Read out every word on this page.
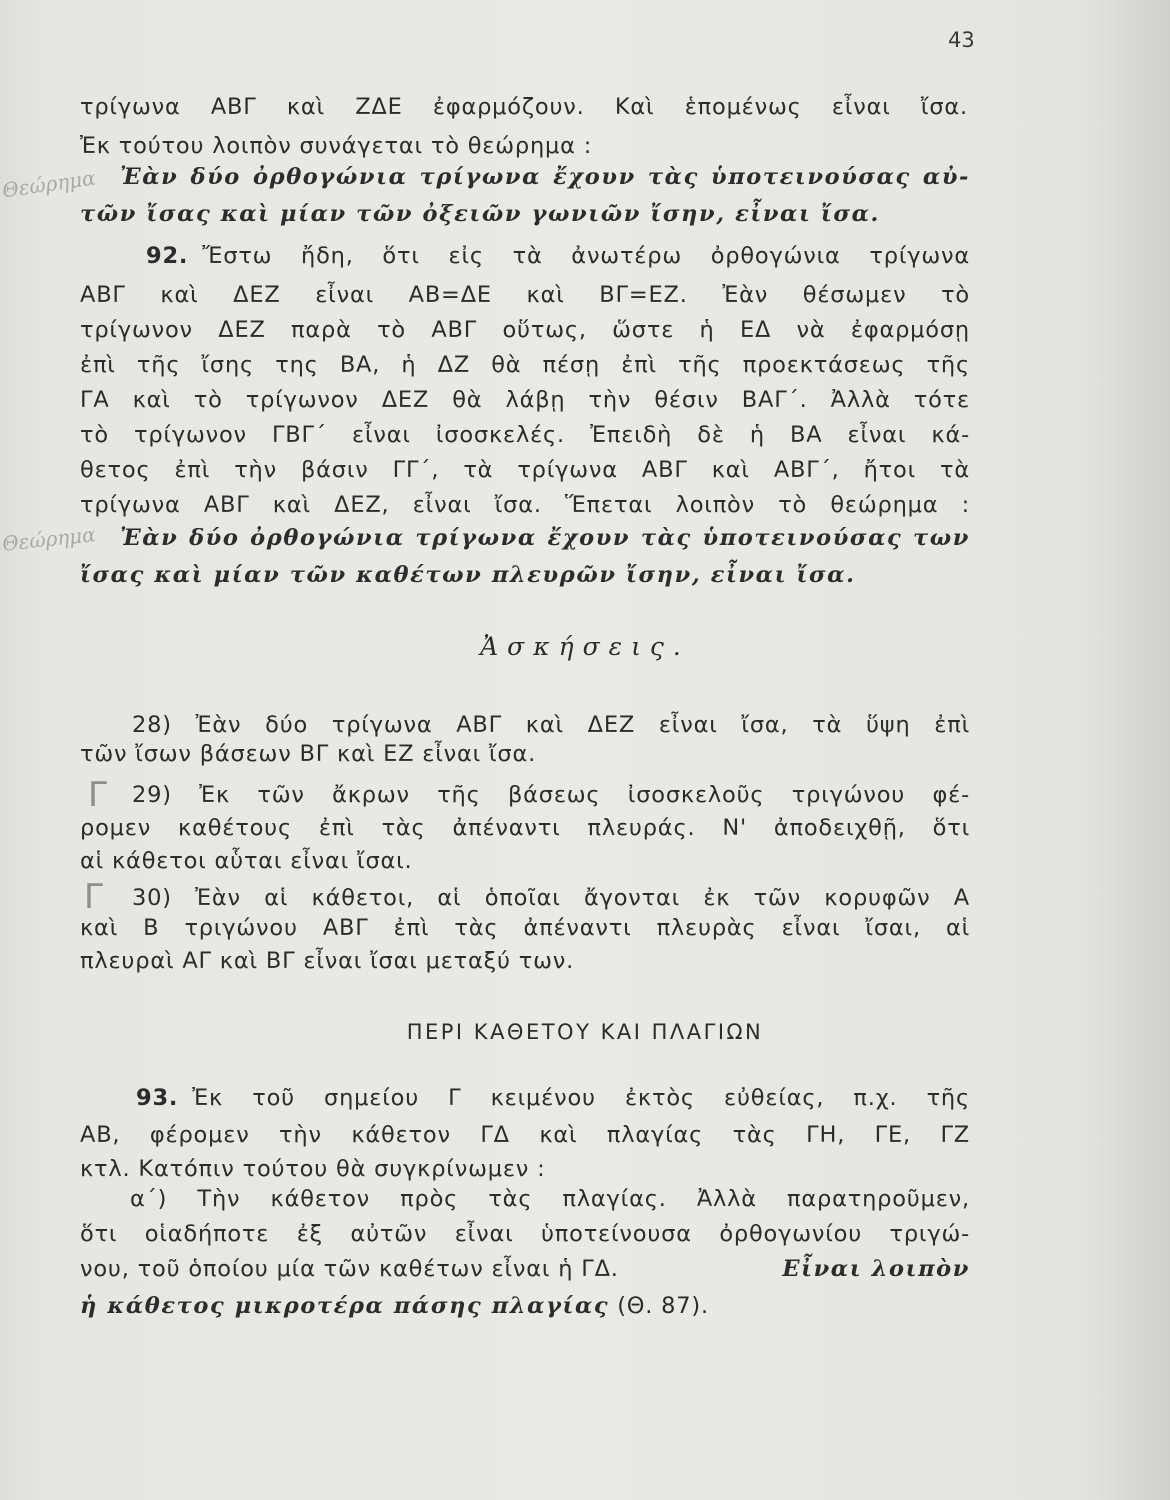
43
Θεώρημα
Θεώρημα
Γ
Γ
τρίγωνα ΑΒΓ καὶ ΖΔΕ ἐφαρμόζουν. Καὶ ἑπομένως εἶναι ἴσα.
Ἐκ τούτου λοιπὸν συνάγεται τὸ θεώρημα :
Ἐὰν δύο ὀρθογώνια τρίγωνα ἔχουν τὰς ὑποτεινούσας αὐ-
τῶν ἴσας καὶ μίαν τῶν ὀξειῶν γωνιῶν ἴσην, εἶναι ἴσα.
92. Ἔστω ἤδη, ὅτι εἰς τὰ ἀνωτέρω ὀρθογώνια τρίγωνα
ΑΒΓ καὶ ΔΕΖ εἶναι ΑΒ=ΔΕ καὶ ΒΓ=ΕΖ. Ἐὰν θέσωμεν τὸ
τρίγωνον ΔΕΖ παρὰ τὸ ΑΒΓ οὕτως, ὥστε ἡ ΕΔ νὰ ἐφαρμόσῃ
ἐπὶ τῆς ἴσης της ΒΑ, ἡ ΔΖ θὰ πέσῃ ἐπὶ τῆς προεκτάσεως τῆς
ΓΑ καὶ τὸ τρίγωνον ΔΕΖ θὰ λάβῃ τὴν θέσιν ΒΑΓ΄. Ἀλλὰ τότε
τὸ τρίγωνον ΓΒΓ΄ εἶναι ἰσοσκελές. Ἐπειδὴ δὲ ἡ ΒΑ εἶναι κά-
θετος ἐπὶ τὴν βάσιν ΓΓ΄, τὰ τρίγωνα ΑΒΓ καὶ ΑΒΓ΄, ἤτοι τὰ
τρίγωνα ΑΒΓ καὶ ΔΕΖ, εἶναι ἴσα. Ἕπεται λοιπὸν τὸ θεώρημα :
Ἐὰν δύο ὀρθογώνια τρίγωνα ἔχουν τὰς ὑποτεινούσας των
ἴσας καὶ μίαν τῶν καθέτων πλευρῶν ἴσην, εἶναι ἴσα.
Ἀσκήσεις.
28) Ἐὰν δύο τρίγωνα ΑΒΓ καὶ ΔΕΖ εἶναι ἴσα, τὰ ὕψη ἐπὶ
τῶν ἴσων βάσεων ΒΓ καὶ ΕΖ εἶναι ἴσα.
29) Ἐκ τῶν ἄκρων τῆς βάσεως ἰσοσκελοῦς τριγώνου φέ-
ρομεν καθέτους ἐπὶ τὰς ἀπέναντι πλευράς. Ν' ἀποδειχθῇ, ὅτι
αἱ κάθετοι αὗται εἶναι ἴσαι.
30) Ἐὰν αἱ κάθετοι, αἱ ὁποῖαι ἄγονται ἐκ τῶν κορυφῶν Α
καὶ Β τριγώνου ΑΒΓ ἐπὶ τὰς ἀπέναντι πλευρὰς εἶναι ἴσαι, αἱ
πλευραὶ ΑΓ καὶ ΒΓ εἶναι ἴσαι μεταξύ των.
ΠΕΡΙ ΚΑΘΕΤΟΥ ΚΑΙ ΠΛΑΓΙΩΝ
93. Ἐκ τοῦ σημείου Γ κειμένου ἐκτὸς εὐθείας, π.χ. τῆς
ΑΒ, φέρομεν τὴν κάθετον ΓΔ καὶ πλαγίας τὰς ΓΗ, ΓΕ, ΓΖ
κτλ. Κατόπιν τούτου θὰ συγκρίνωμεν :
α΄) Τὴν κάθετον πρὸς τὰς πλαγίας. Ἀλλὰ παρατηροῦμεν,
ὅτι οἱαδήποτε ἐξ αὐτῶν εἶναι ὑποτείνουσα ὀρθογωνίου τριγώ-
νου, τοῦ ὁποίου μία τῶν καθέτων εἶναι ἡ ΓΔ.	Εἶναι λοιπὸν
ἡ κάθετος μικροτέρα πάσης πλαγίας (Θ. 87).
